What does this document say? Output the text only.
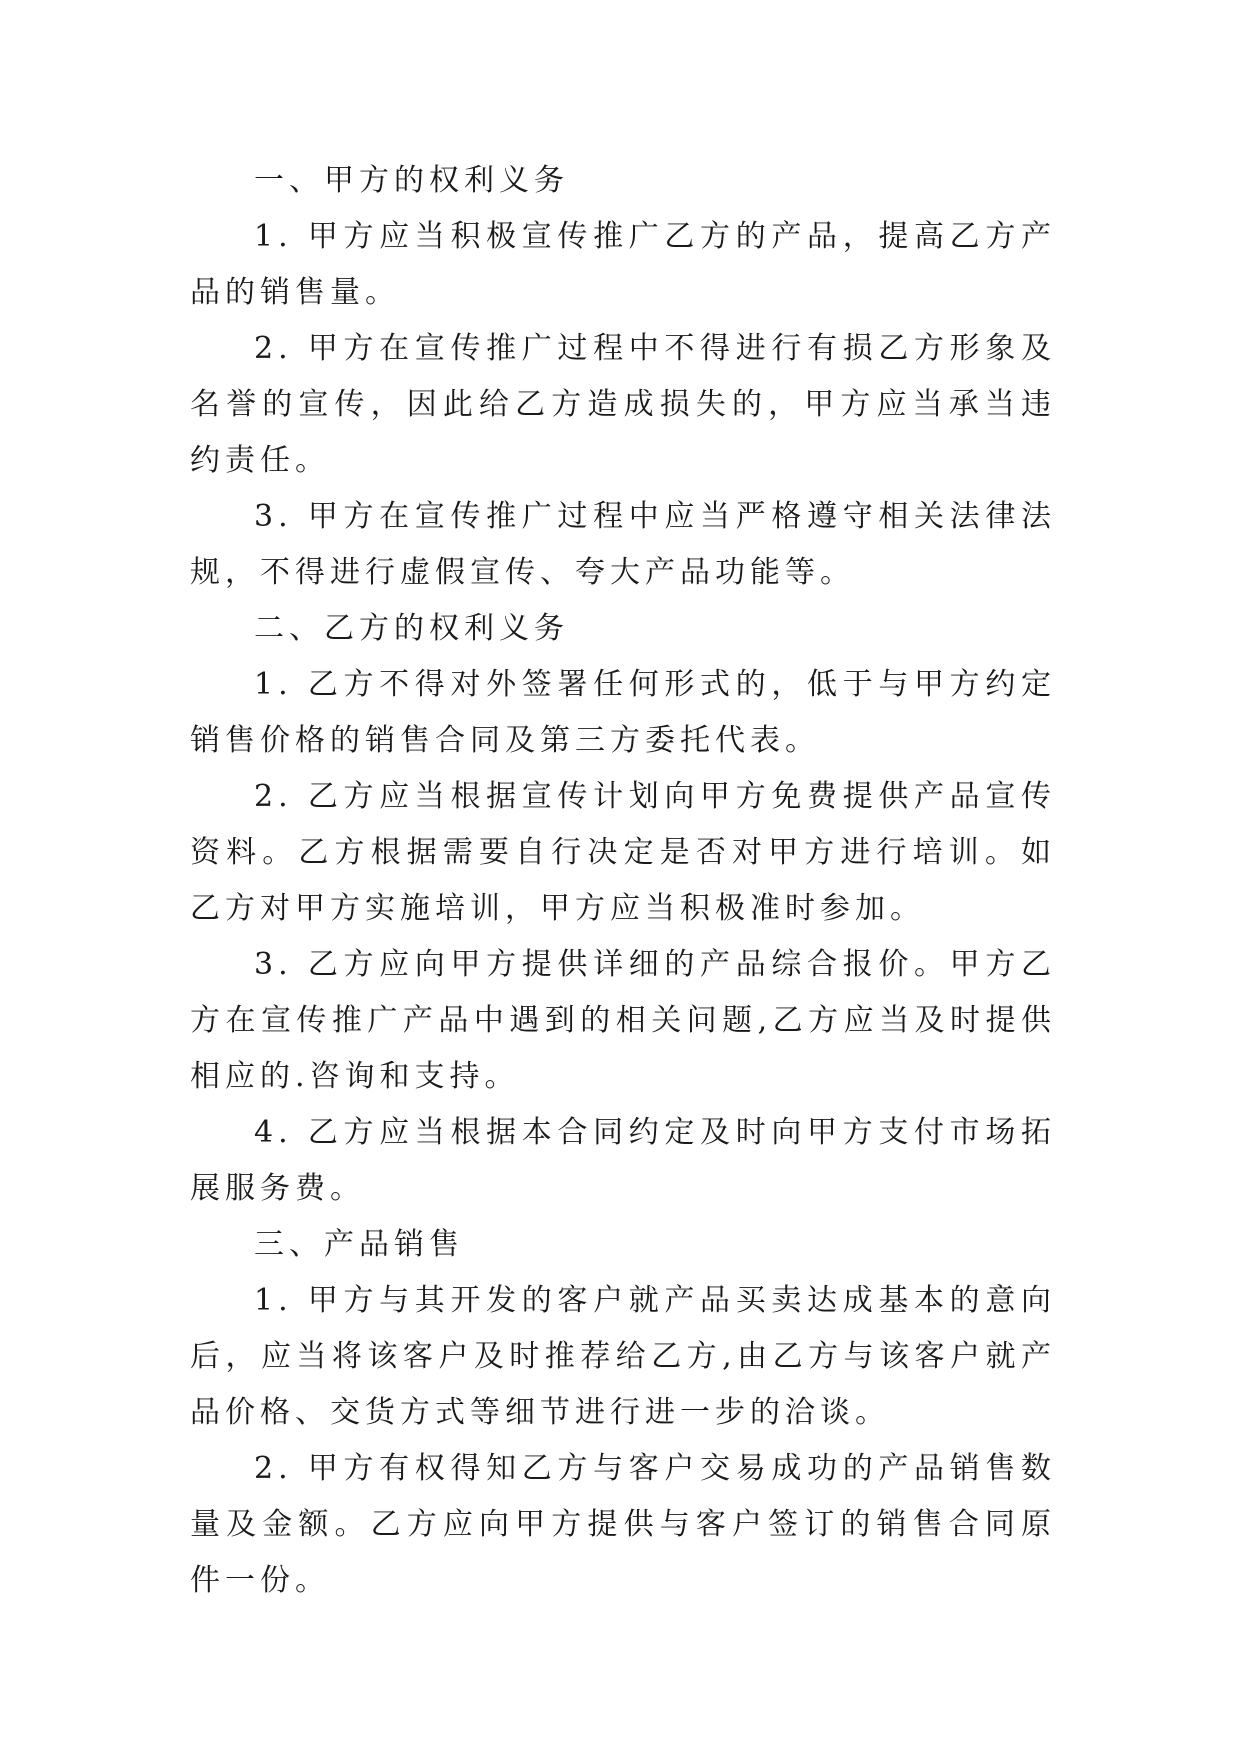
一、甲方的权利义务

1. 甲方应当积极宣传推广乙方的产品，提高乙方产品的销售量。

2. 甲方在宣传推广过程中不得进行有损乙方形象及名誉的宣传，因此给乙方造成损失的，甲方应当承当违约责任。

3. 甲方在宣传推广过程中应当严格遵守相关法律法规，不得进行虚假宣传、夸大产品功能等。

二、乙方的权利义务

1. 乙方不得对外签署任何形式的，低于与甲方约定销售价格的销售合同及第三方委托代表。

2. 乙方应当根据宣传计划向甲方免费提供产品宣传资料。乙方根据需要自行决定是否对甲方进行培训。如乙方对甲方实施培训，甲方应当积极准时参加。

3. 乙方应向甲方提供详细的产品综合报价。甲方乙方在宣传推广产品中遇到的相关问题,乙方应当及时提供相应的.咨询和支持。

4. 乙方应当根据本合同约定及时向甲方支付市场拓展服务费。

三、产品销售

1. 甲方与其开发的客户就产品买卖达成基本的意向后，应当将该客户及时推荐给乙方,由乙方与该客户就产品价格、交货方式等细节进行进一步的洽谈。

2. 甲方有权得知乙方与客户交易成功的产品销售数量及金额。乙方应向甲方提供与客户签订的销售合同原件一份。
